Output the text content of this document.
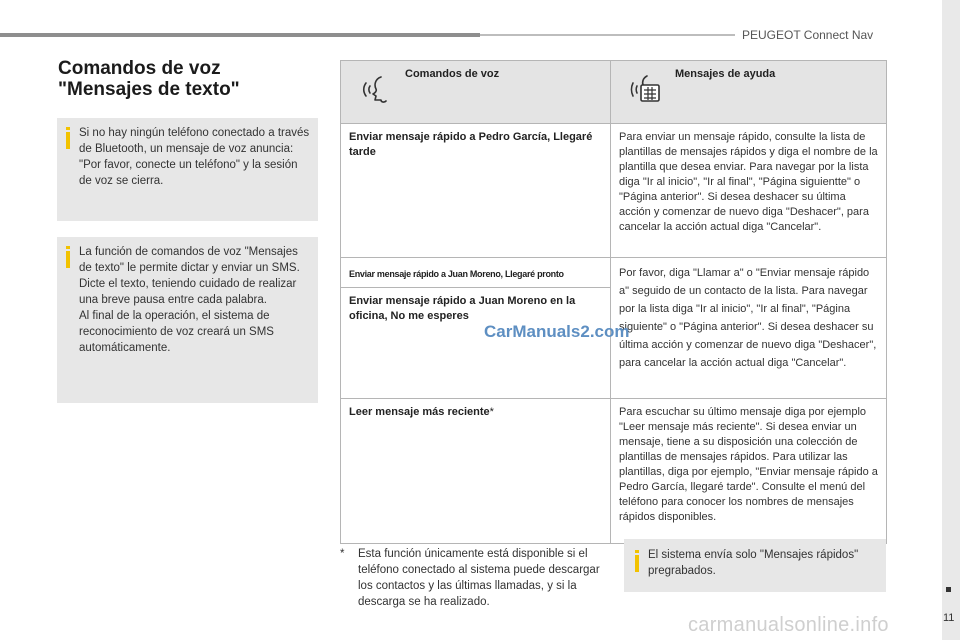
PEUGEOT Connect Nav
11
Comandos de voz
"Mensajes de texto"
Si no hay ningún teléfono conectado a través de Bluetooth, un mensaje de voz anuncia: "Por favor, conecte un teléfono" y la sesión de voz se cierra.
La función de comandos de voz "Mensajes de texto" le permite dictar y enviar un SMS.
Dicte el texto, teniendo cuidado de realizar una breve pausa entre cada palabra.
Al final de la operación, el sistema de reconocimiento de voz creará un SMS automáticamente.
Comandos de voz	Mensajes de ayuda
Enviar mensaje rápido a Pedro García, Llegaré tarde	Para enviar un mensaje rápido, consulte la lista de plantillas de mensajes rápidos y diga el nombre de la plantilla que desea enviar. Para navegar por la lista diga "Ir al inicio", "Ir al final", "Página siguientte" o "Página anterior". Si desea deshacer su última acción y comenzar de nuevo diga "Deshacer", para cancelar la acción actual diga "Cancelar".
Enviar mensaje rápido a Juan Moreno, Llegaré pronto	Por favor, diga "Llamar a" o "Enviar mensaje rápido a" seguido de un contacto de la lista. Para navegar por la lista diga "Ir al inicio", "Ir al final", "Página siguiente" o "Página anterior". Si desea deshacer su última acción y comenzar de nuevo diga "Deshacer", para cancelar la acción actual diga "Cancelar".
Enviar mensaje rápido a Juan Moreno en la oficina, No me esperes	
Leer mensaje más reciente*	Para escuchar su último mensaje diga por ejemplo "Leer mensaje más reciente". Si desea enviar un mensaje, tiene a su disposición una colección de plantillas de mensajes rápidos. Para utilizar las plantillas, diga por ejemplo, "Enviar mensaje rápido a Pedro García, llegaré tarde". Consulte el menú del teléfono para conocer los nombres de mensajes rápidos disponibles.
CarManuals2.com
*	Esta función únicamente está disponible si el teléfono conectado al sistema puede descargar los contactos y las últimas llamadas, y si la descarga se ha realizado.
El sistema envía solo "Mensajes rápidos" pregrabados.
carmanualsonline.info
